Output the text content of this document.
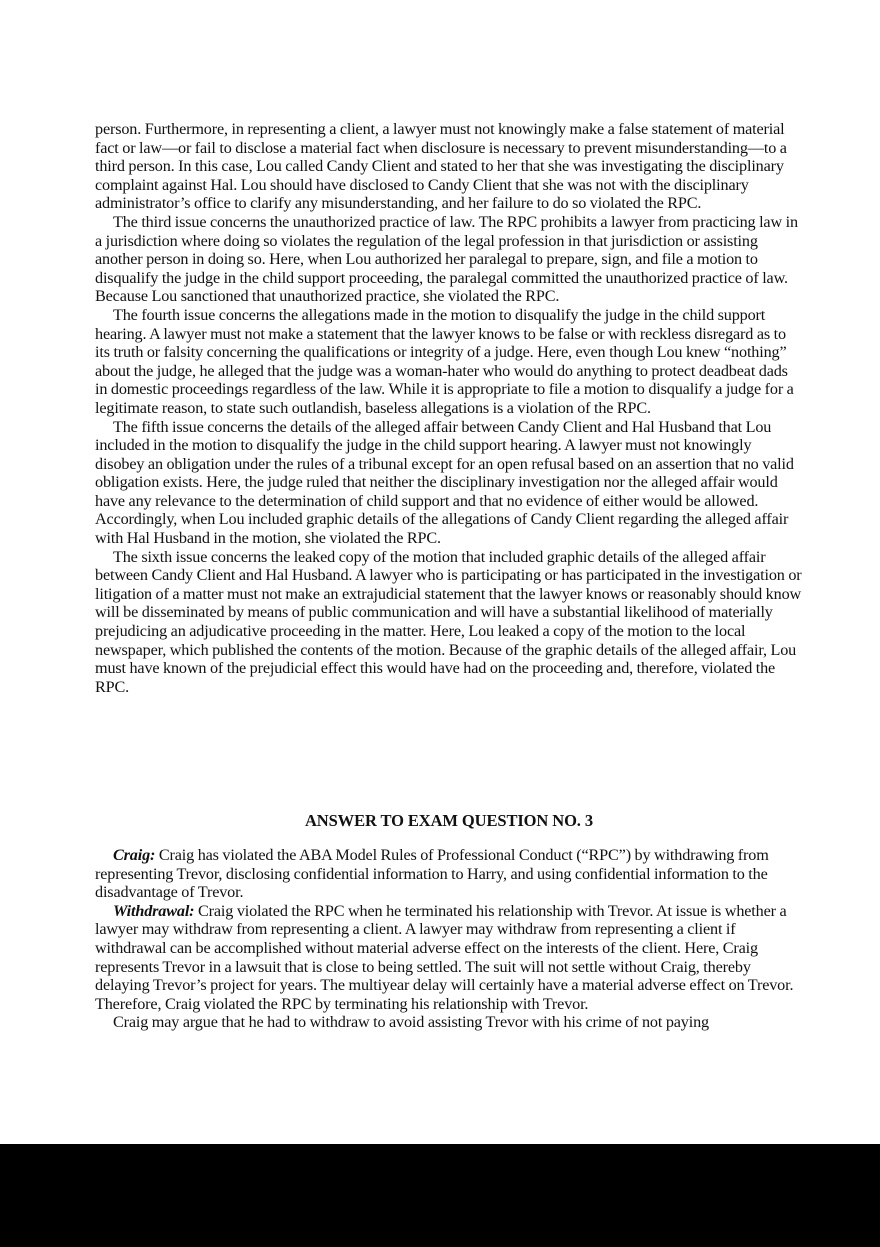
person. Furthermore, in representing a client, a lawyer must not knowingly make a false statement of material fact or law—or fail to disclose a material fact when disclosure is necessary to prevent misunderstanding—to a third person. In this case, Lou called Candy Client and stated to her that she was investigating the disciplinary complaint against Hal. Lou should have disclosed to Candy Client that she was not with the disciplinary administrator’s office to clarify any misunderstanding, and her failure to do so violated the RPC.

The third issue concerns the unauthorized practice of law. The RPC prohibits a lawyer from practicing law in a jurisdiction where doing so violates the regulation of the legal profession in that jurisdiction or assisting another person in doing so. Here, when Lou authorized her paralegal to prepare, sign, and file a motion to disqualify the judge in the child support proceeding, the paralegal committed the unauthorized practice of law. Because Lou sanctioned that unauthorized practice, she violated the RPC.

The fourth issue concerns the allegations made in the motion to disqualify the judge in the child support hearing. A lawyer must not make a statement that the lawyer knows to be false or with reckless disregard as to its truth or falsity concerning the qualifications or integrity of a judge. Here, even though Lou knew “nothing” about the judge, he alleged that the judge was a woman-hater who would do anything to protect deadbeat dads in domestic proceedings regardless of the law. While it is appropriate to file a motion to disqualify a judge for a legitimate reason, to state such outlandish, baseless allegations is a violation of the RPC.

The fifth issue concerns the details of the alleged affair between Candy Client and Hal Husband that Lou included in the motion to disqualify the judge in the child support hearing. A lawyer must not knowingly disobey an obligation under the rules of a tribunal except for an open refusal based on an assertion that no valid obligation exists. Here, the judge ruled that neither the disciplinary investigation nor the alleged affair would have any relevance to the determination of child support and that no evidence of either would be allowed. Accordingly, when Lou included graphic details of the allegations of Candy Client regarding the alleged affair with Hal Husband in the motion, she violated the RPC.

The sixth issue concerns the leaked copy of the motion that included graphic details of the alleged affair between Candy Client and Hal Husband. A lawyer who is participating or has participated in the investigation or litigation of a matter must not make an extrajudicial statement that the lawyer knows or reasonably should know will be disseminated by means of public communication and will have a substantial likelihood of materially prejudicing an adjudicative proceeding in the matter. Here, Lou leaked a copy of the motion to the local newspaper, which published the contents of the motion. Because of the graphic details of the alleged affair, Lou must have known of the prejudicial effect this would have had on the proceeding and, therefore, violated the RPC.

ANSWER TO EXAM QUESTION NO. 3

Craig: Craig has violated the ABA Model Rules of Professional Conduct (“RPC”) by withdrawing from representing Trevor, disclosing confidential information to Harry, and using confidential information to the disadvantage of Trevor.

Withdrawal: Craig violated the RPC when he terminated his relationship with Trevor. At issue is whether a lawyer may withdraw from representing a client. A lawyer may withdraw from representing a client if withdrawal can be accomplished without material adverse effect on the interests of the client. Here, Craig represents Trevor in a lawsuit that is close to being settled. The suit will not settle without Craig, thereby delaying Trevor’s project for years. The multiyear delay will certainly have a material adverse effect on Trevor. Therefore, Craig violated the RPC by terminating his relationship with Trevor.

Craig may argue that he had to withdraw to avoid assisting Trevor with his crime of not paying
